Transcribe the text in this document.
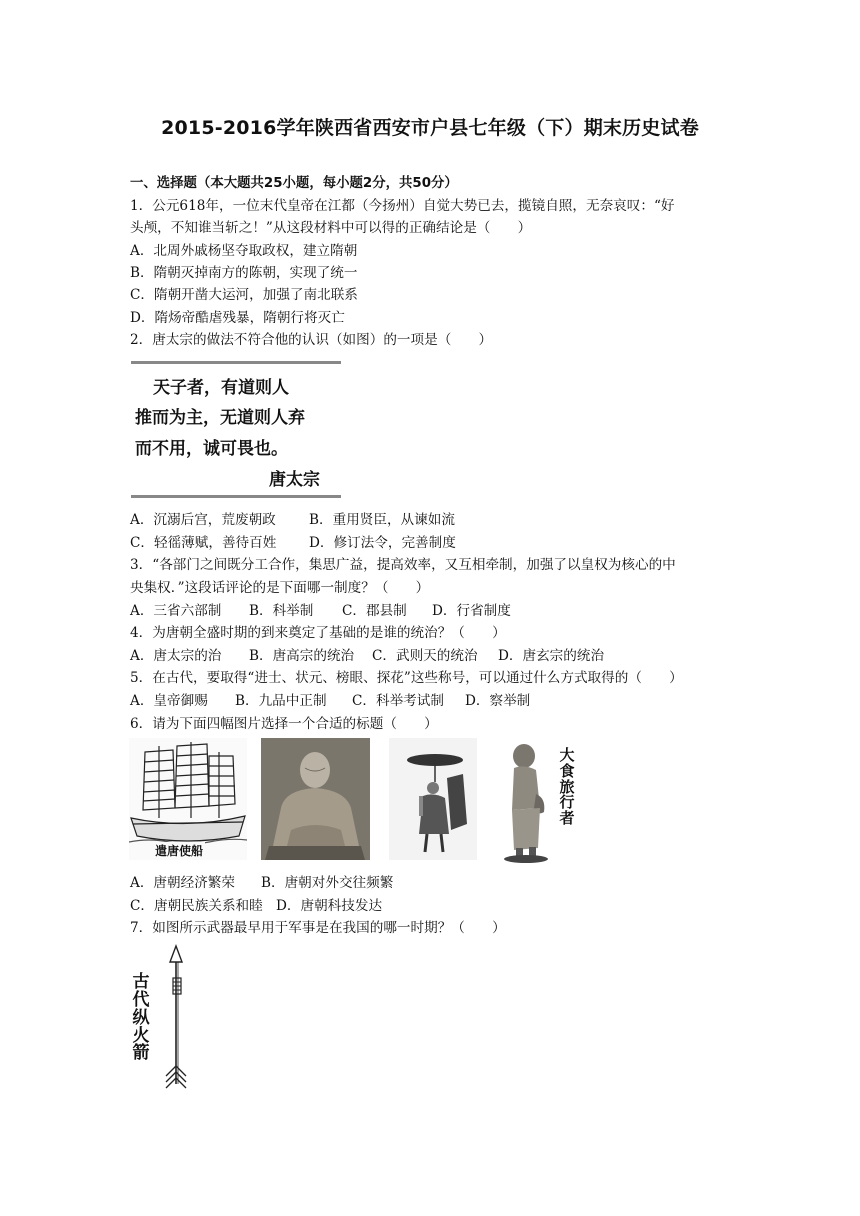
2015-2016学年陕西省西安市户县七年级（下）期末历史试卷
一、选择题（本大题共25小题，每小题2分，共50分）
1．公元618年，一位末代皇帝在江都（今扬州）自觉大势已去，揽镜自照，无奈哀叹：“好
头颅，不知谁当斩之！”从这段材料中可以得的正确结论是（　　）
A．北周外戚杨坚夺取政权，建立隋朝
B．隋朝灭掉南方的陈朝，实现了统一
C．隋朝开凿大运河，加强了南北联系
D．隋炀帝酷虐残暴，隋朝行将灭亡
2．唐太宗的做法不符合他的认识（如图）的一项是（　　）
天子者，有道则人
推而为主，无道则人弃
而不用，诚可畏也。
唐太宗
A．沉溺后宫，荒废朝政 B．重用贤臣，从谏如流
C．轻徭薄赋，善待百姓 D．修订法令，完善制度
3．“各部门之间既分工合作，集思广益，提高效率，又互相牵制，加强了以皇权为核心的中
央集权．”这段话评论的是下面哪一制度？（　　）
A．三省六部制 B．科举制 C．郡县制 D．行省制度
4．为唐朝全盛时期的到来奠定了基础的是谁的统治？（　　）
A．唐太宗的治 B．唐高宗的统治 C．武则天的统治 D．唐玄宗的统治
5．在古代，要取得“进士、状元、榜眼、探花”这些称号，可以通过什么方式取得的（　　）
A．皇帝御赐 B．九品中正制 C．科举考试制 D．察举制
6．请为下面四幅图片选择一个合适的标题（　　）
遣唐使船
大
食
旅
行
者
A．唐朝经济繁荣 B．唐朝对外交往频繁
C．唐朝民族关系和睦 D．唐朝科技发达
7．如图所示武器最早用于军事是在我国的哪一时期？（　　）
古
代
纵
火
箭
